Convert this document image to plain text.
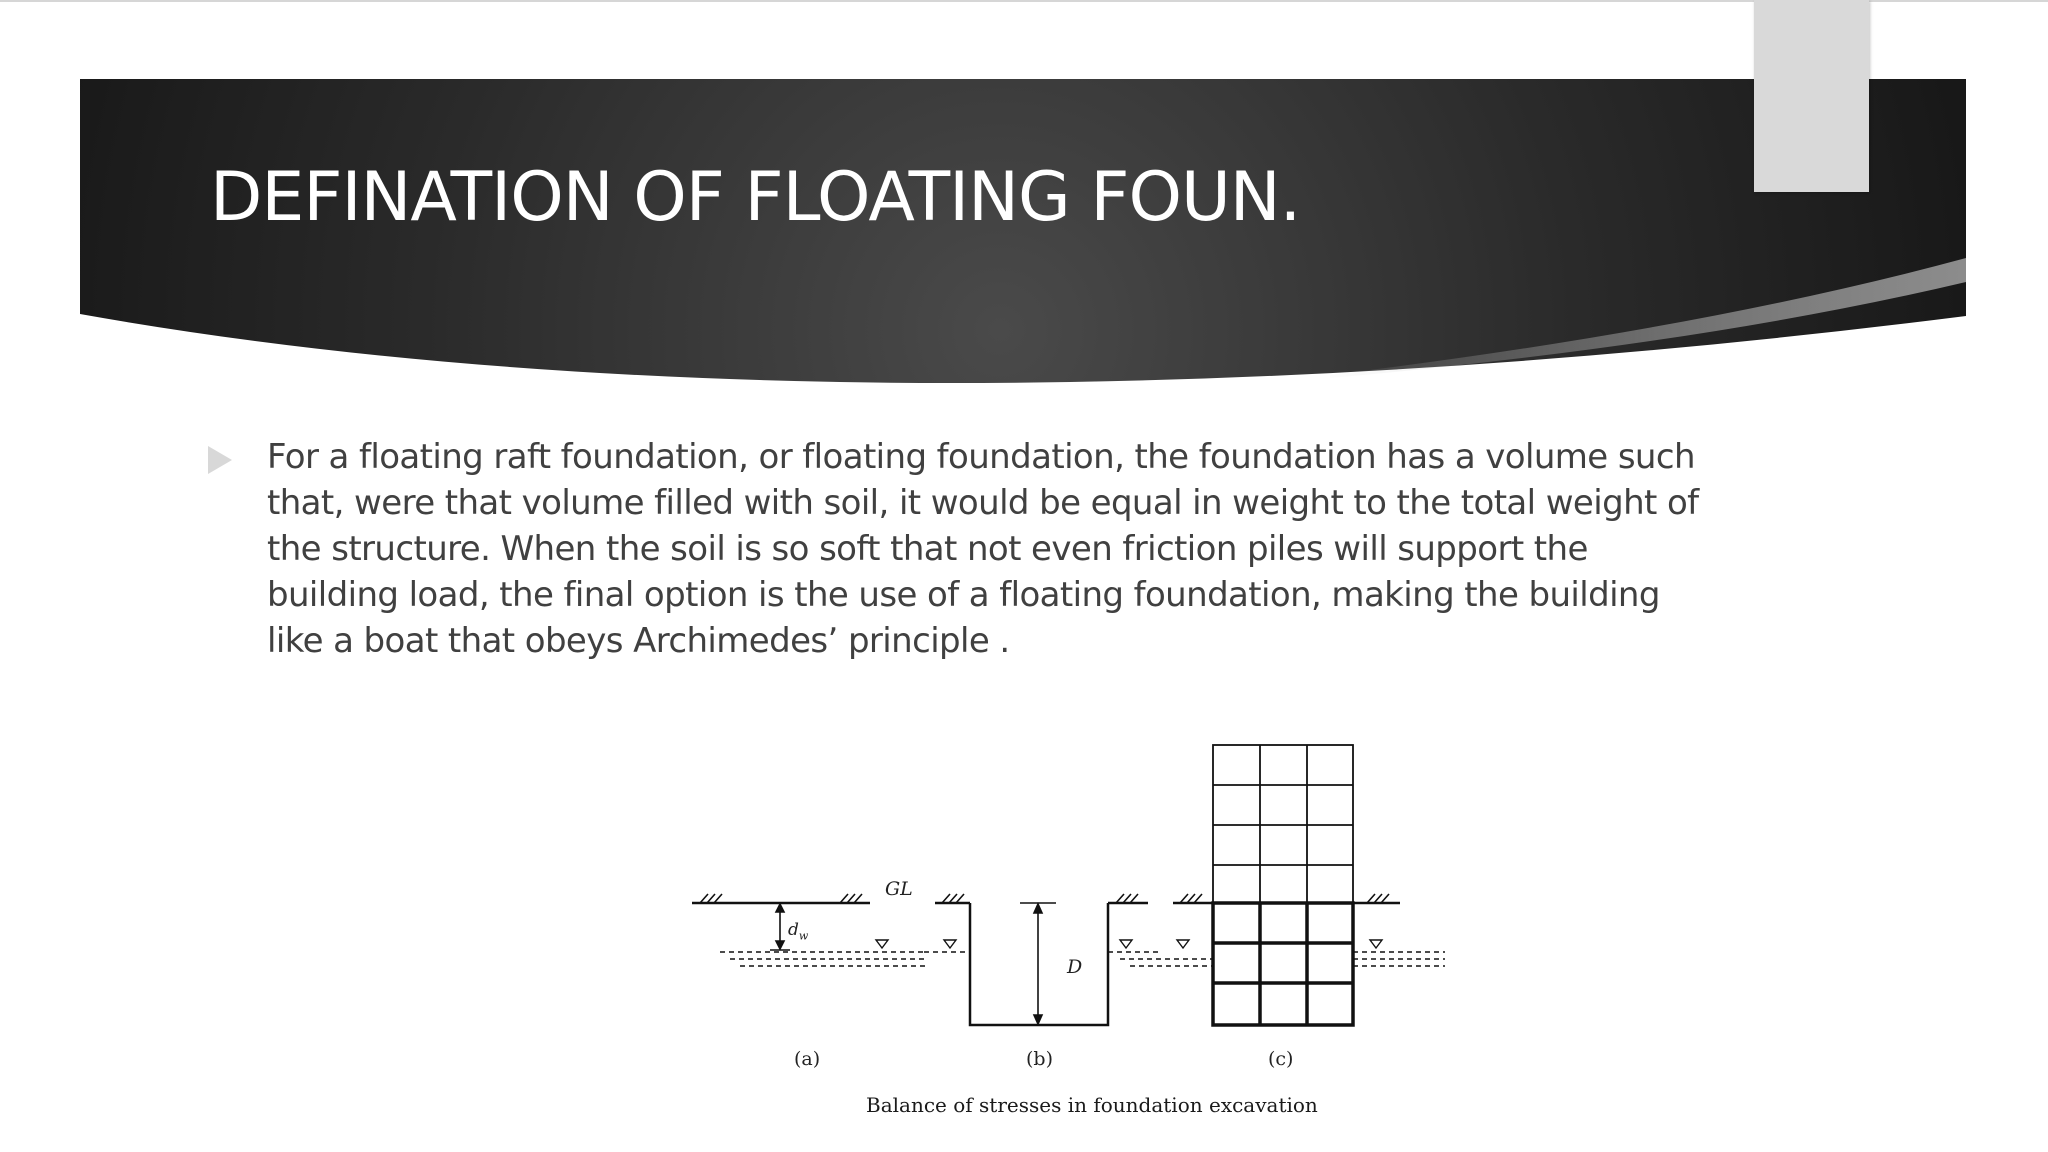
DEFINATION OF FLOATING FOUN.

For a floating raft foundation, or floating foundation, the foundation has a volume such that, were that volume filled with soil, it would be equal in weight to the total weight of the structure. When the soil is so soft that not even friction piles will support the building load, the final option is the use of a floating foundation, making the building like a boat that obeys Archimedes’ principle .

GL
$d_w$
D
(a)	(b)	(c)
Balance of stresses in foundation excavation
